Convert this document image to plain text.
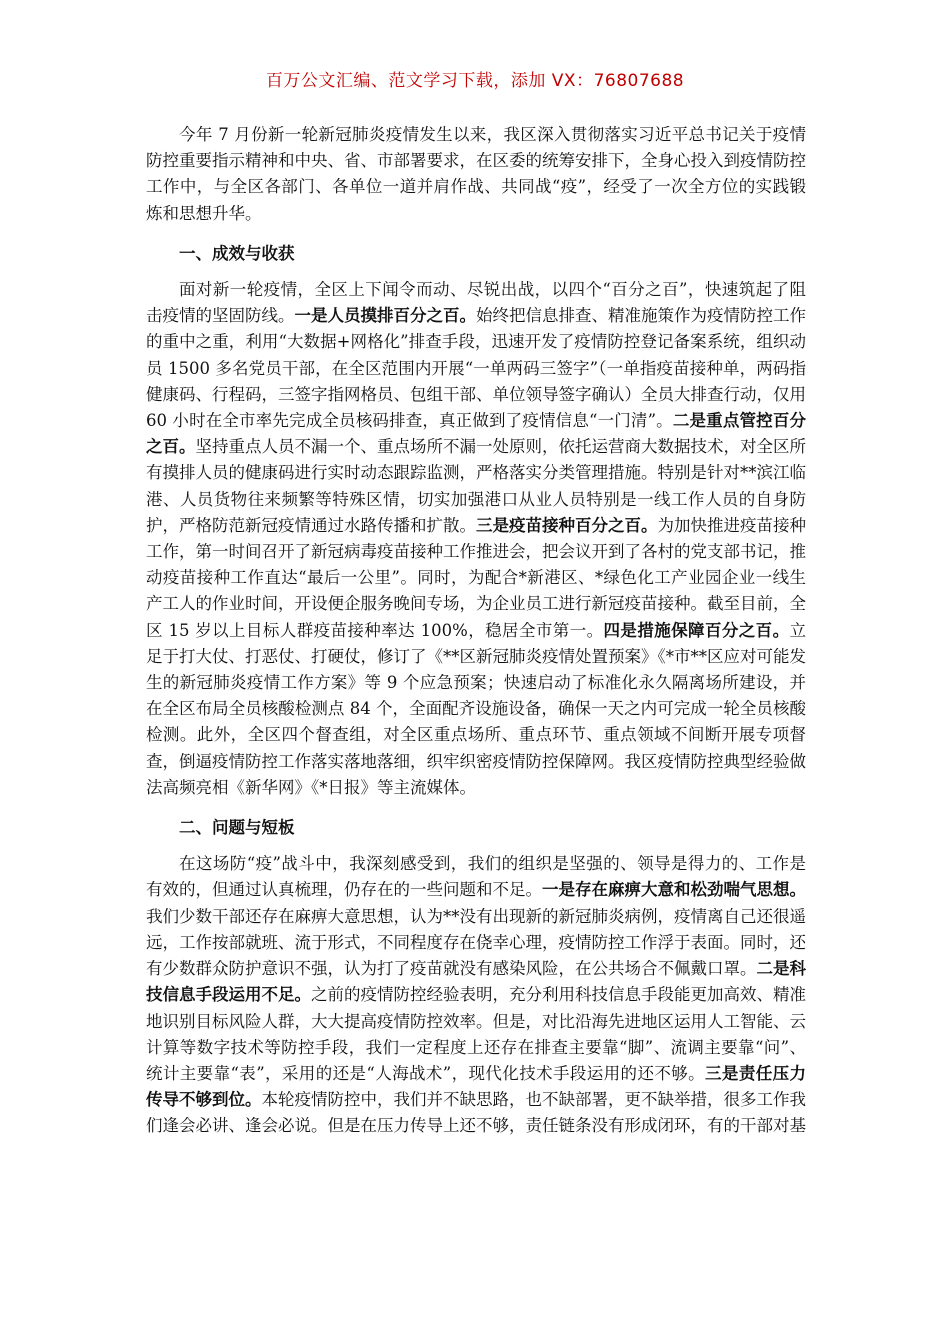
百万公文汇编、范文学习下载，添加 VX：76807688

今年 7 月份新一轮新冠肺炎疫情发生以来，我区深入贯彻落实习近平总书记关于疫情防控重要指示精神和中央、省、市部署要求，在区委的统筹安排下，全身心投入到疫情防控工作中，与全区各部门、各单位一道并肩作战、共同战“疫”，经受了一次全方位的实践锻炼和思想升华。

一、成效与收获

面对新一轮疫情，全区上下闻令而动、尽锐出战，以四个“百分之百”，快速筑起了阻击疫情的坚固防线。一是人员摸排百分之百。始终把信息排查、精准施策作为疫情防控工作的重中之重，利用“大数据+网格化”排查手段，迅速开发了疫情防控登记备案系统，组织动员 1500 多名党员干部，在全区范围内开展“一单两码三签字”（一单指疫苗接种单，两码指健康码、行程码，三签字指网格员、包组干部、单位领导签字确认）全员大排查行动，仅用 60 小时在全市率先完成全员核码排查，真正做到了疫情信息“一门清”。二是重点管控百分之百。坚持重点人员不漏一个、重点场所不漏一处原则，依托运营商大数据技术，对全区所有摸排人员的健康码进行实时动态跟踪监测，严格落实分类管理措施。特别是针对**滨江临港、人员货物往来频繁等特殊区情，切实加强港口从业人员特别是一线工作人员的自身防护，严格防范新冠疫情通过水路传播和扩散。三是疫苗接种百分之百。为加快推进疫苗接种工作，第一时间召开了新冠病毒疫苗接种工作推进会，把会议开到了各村的党支部书记，推动疫苗接种工作直达“最后一公里”。同时，为配合*新港区、*绿色化工产业园企业一线生产工人的作业时间，开设便企服务晚间专场，为企业员工进行新冠疫苗接种。截至目前，全区 15 岁以上目标人群疫苗接种率达 100%，稳居全市第一。四是措施保障百分之百。立足于打大仗、打恶仗、打硬仗，修订了《**区新冠肺炎疫情处置预案》《*市**区应对可能发生的新冠肺炎疫情工作方案》等 9 个应急预案；快速启动了标准化永久隔离场所建设，并在全区布局全员核酸检测点 84 个，全面配齐设施设备，确保一天之内可完成一轮全员核酸检测。此外，全区四个督查组，对全区重点场所、重点环节、重点领域不间断开展专项督查，倒逼疫情防控工作落实落地落细，织牢织密疫情防控保障网。我区疫情防控典型经验做法高频亮相《新华网》《*日报》等主流媒体。

二、问题与短板

在这场防“疫”战斗中，我深刻感受到，我们的组织是坚强的、领导是得力的、工作是有效的，但通过认真梳理，仍存在的一些问题和不足。一是存在麻痹大意和松劲喘气思想。我们少数干部还存在麻痹大意思想，认为**没有出现新的新冠肺炎病例，疫情离自己还很遥远，工作按部就班、流于形式，不同程度存在侥幸心理，疫情防控工作浮于表面。同时，还有少数群众防护意识不强，认为打了疫苗就没有感染风险，在公共场合不佩戴口罩。二是科技信息手段运用不足。之前的疫情防控经验表明，充分利用科技信息手段能更加高效、精准地识别目标风险人群，大大提高疫情防控效率。但是，对比沿海先进地区运用人工智能、云计算等数字技术等防控手段，我们一定程度上还存在排查主要靠“脚”、流调主要靠“问”、统计主要靠“表”，采用的还是“人海战术”，现代化技术手段运用的还不够。三是责任压力传导不够到位。本轮疫情防控中，我们并不缺思路，也不缺部署，更不缺举措，很多工作我们逢会必讲、逢会必说。但是在压力传导上还不够，责任链条没有形成闭环，有的干部对基
